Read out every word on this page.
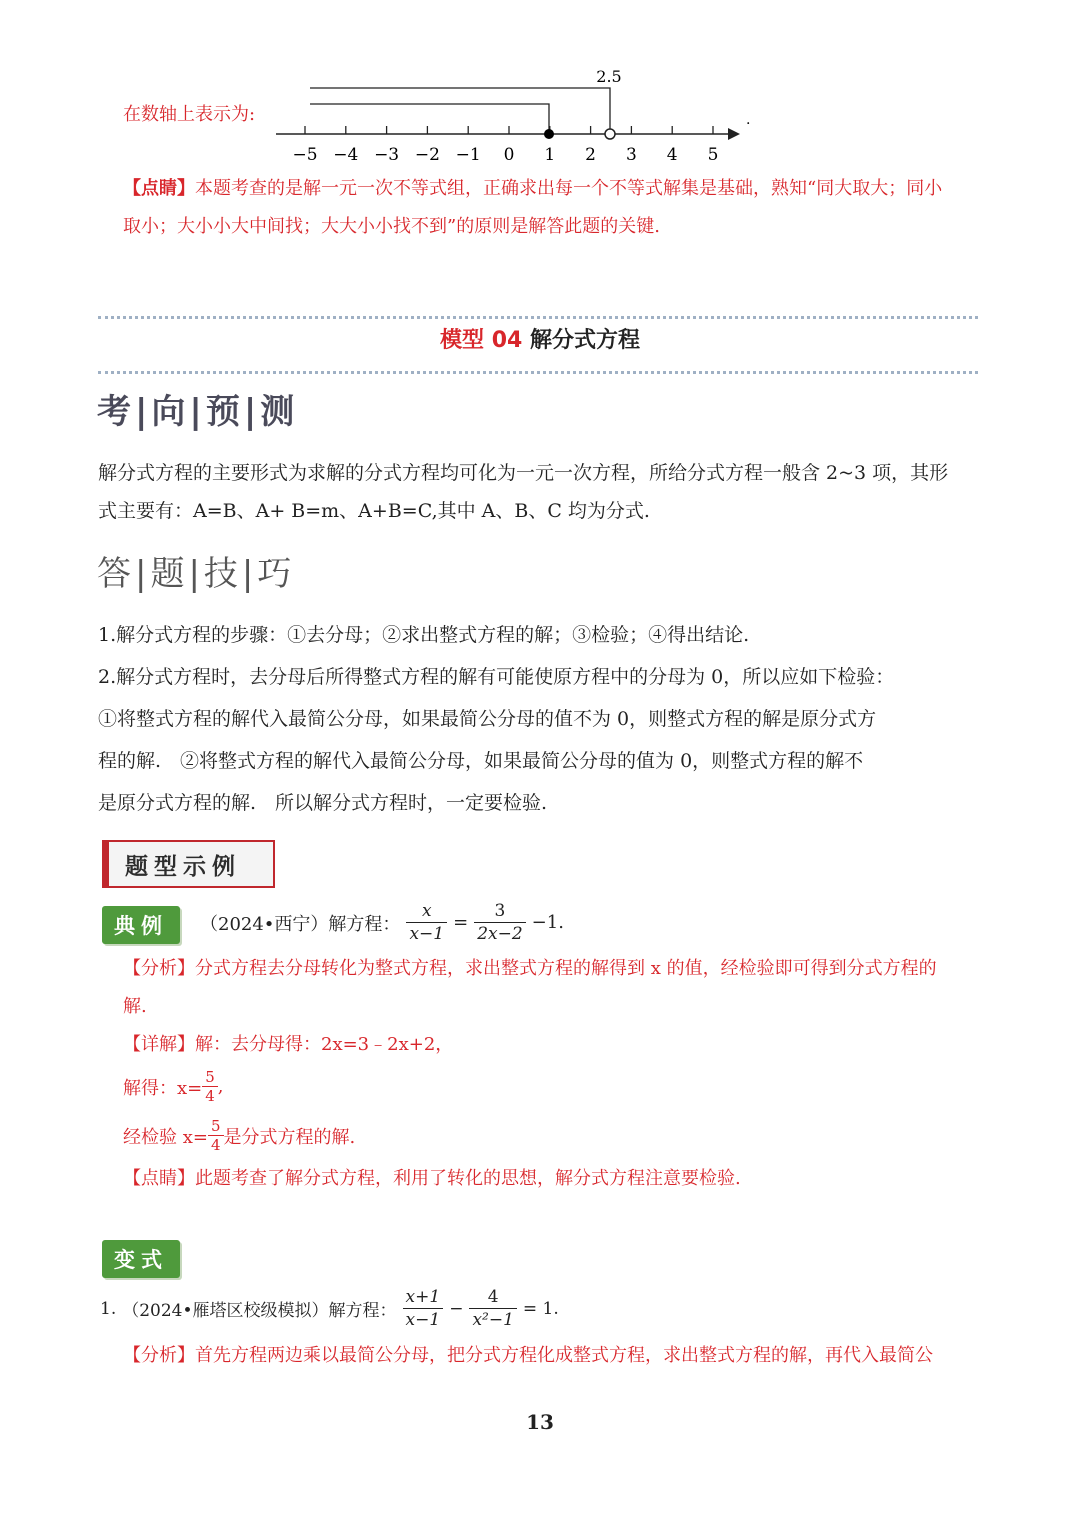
在数轴上表示为:
2.5
−5 −4 −3 −2 −1 0 1 2 3 4 5
.
【点睛】本题考查的是解一元一次不等式组，正确求出每一个不等式解集是基础，熟知“同大取大；同小
取小；大小小大中间找；大大小小找不到”的原则是解答此题的关键.
模型 04 解分式方程
考|向|预|测
解分式方程的主要形式为求解的分式方程均可化为一元一次方程，所给分式方程一般含 2~3 项，其形
式主要有：A=B、A+ B=m、A+B=C,其中 A、B、C 均为分式.
答|题|技|巧
1.解分式方程的步骤：①去分母；②求出整式方程的解；③检验；④得出结论.
2.解分式方程时，去分母后所得整式方程的解有可能使原方程中的分母为 0，所以应如下检验：
①将整式方程的解代入最简公分母，如果最简公分母的值不为 0，则整式方程的解是原分式方
程的解.　②将整式方程的解代入最简公分母，如果最简公分母的值为 0，则整式方程的解不
是原分式方程的解.　所以解分式方程时，一定要检验.
题型示例
典例	（2024•西宁）解方程： $\frac{x}{x-1} = \frac{3}{2x-2} -1$.
【分析】分式方程去分母转化为整式方程，求出整式方程的解得到 x 的值，经检验即可得到分式方程的
解.
【详解】解：去分母得：2x=3﹣2x+2，
解得：$x= \frac{5}{4}$ ,
经检验 $x= \frac{5}{4}$ 是分式方程的解.
【点睛】此题考查了解分式方程，利用了转化的思想，解分式方程注意要检验.
变式
1. （2024•雁塔区校级模拟）解方程： $\frac{x+1}{x-1} - \frac{4}{\text{x²−1}} = 1$.
【分析】首先方程两边乘以最简公分母，把分式方程化成整式方程，求出整式方程的解，再代入最简公
13
